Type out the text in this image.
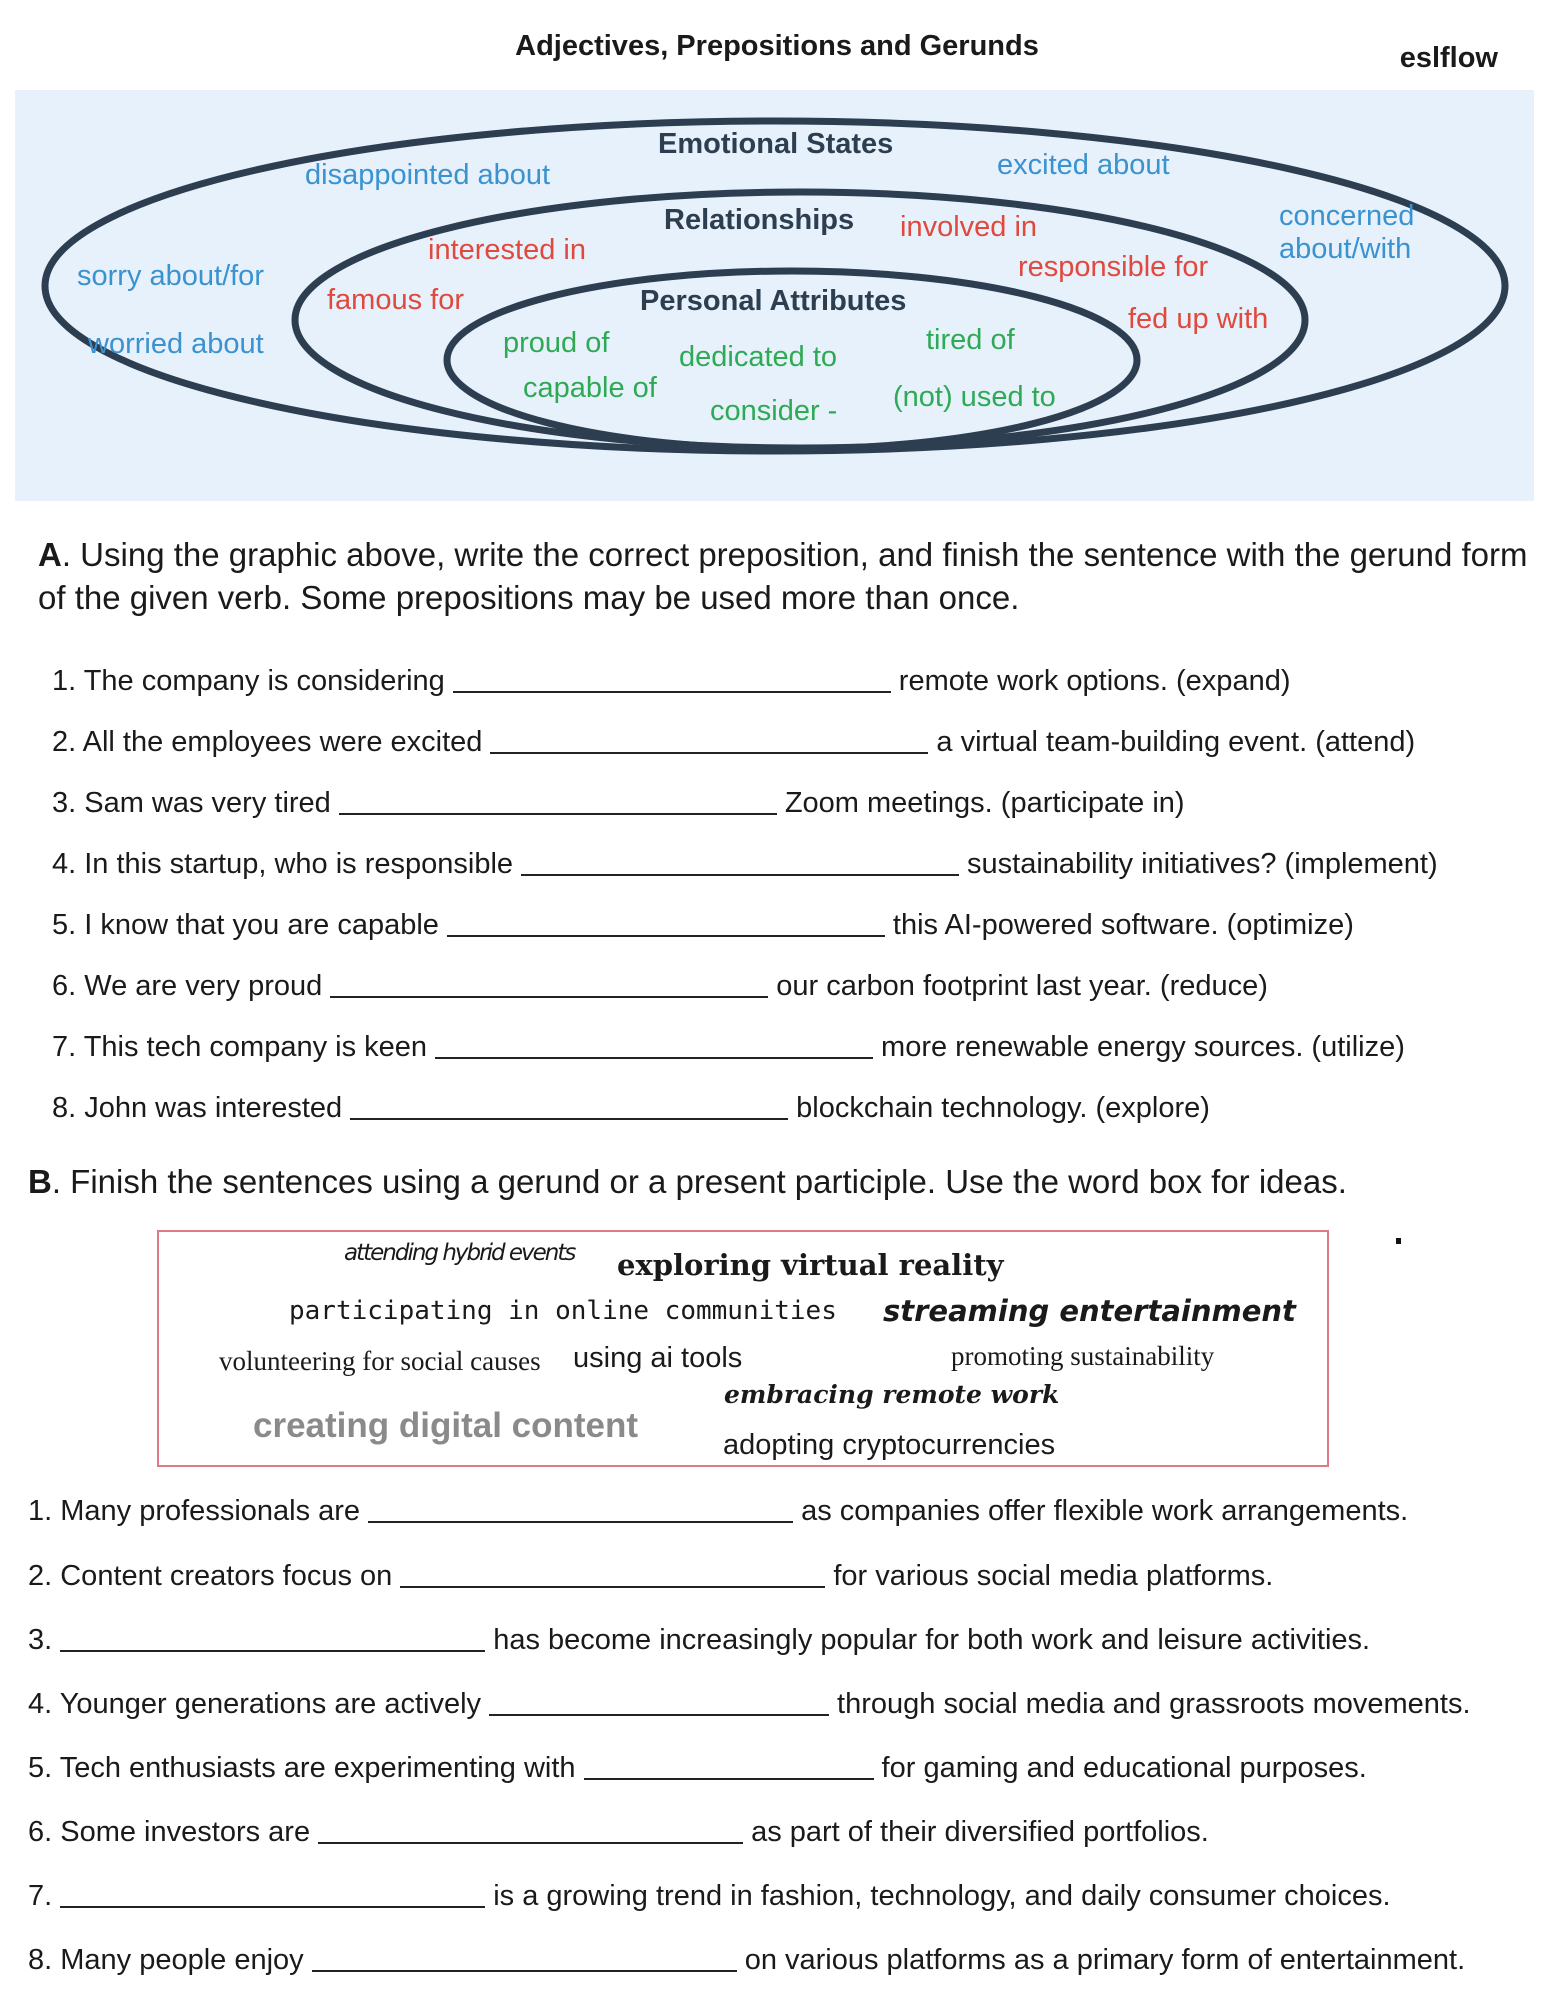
Adjectives, Prepositions and Gerunds	eslflow
Emotional States
Relationships
Personal Attributes
disappointed about	excited about
concerned
about/with
sorry about/for
worried about
interested in
involved in
responsible for
famous for
fed up with
proud of dedicated to
tired of
capable of
consider - (not) used to
A. Using the graphic above, write the correct preposition, and finish the sentence with the gerund form
of the given verb. Some prepositions may be used more than once.
1. The company is considering	remote work options. (expand)
2. All the employees were excited	a virtual team-building event. (attend)
3. Sam was very tired	Zoom meetings. (participate in)
4. In this startup, who is responsible	sustainability initiatives? (implement)
5. I know that you are capable	this AI-powered software. (optimize)
6. We are very proud	our carbon footprint last year. (reduce)
7. This tech company is keen	more renewable energy sources. (utilize)
8. John was interested	blockchain technology. (explore)
B. Finish the sentences using a gerund or a present participle. Use the word box for ideas.
attending hybrid events exploring virtual reality
participating in online communities streaming entertainment
volunteering for social causes using ai tools	promoting sustainability
embracing remote work
creating digital content	adopting cryptocurrencies
1. Many professionals are	as companies offer flexible work arrangements.
2. Content creators focus on	for various social media platforms.
3.	has become increasingly popular for both work and leisure activities.
4. Younger generations are actively	through social media and grassroots movements.
5. Tech enthusiasts are experimenting with	for gaming and educational purposes.
6. Some investors are	as part of their diversified portfolios.
7.	is a growing trend in fashion, technology, and daily consumer choices.
8. Many people enjoy	on various platforms as a primary form of entertainment.
